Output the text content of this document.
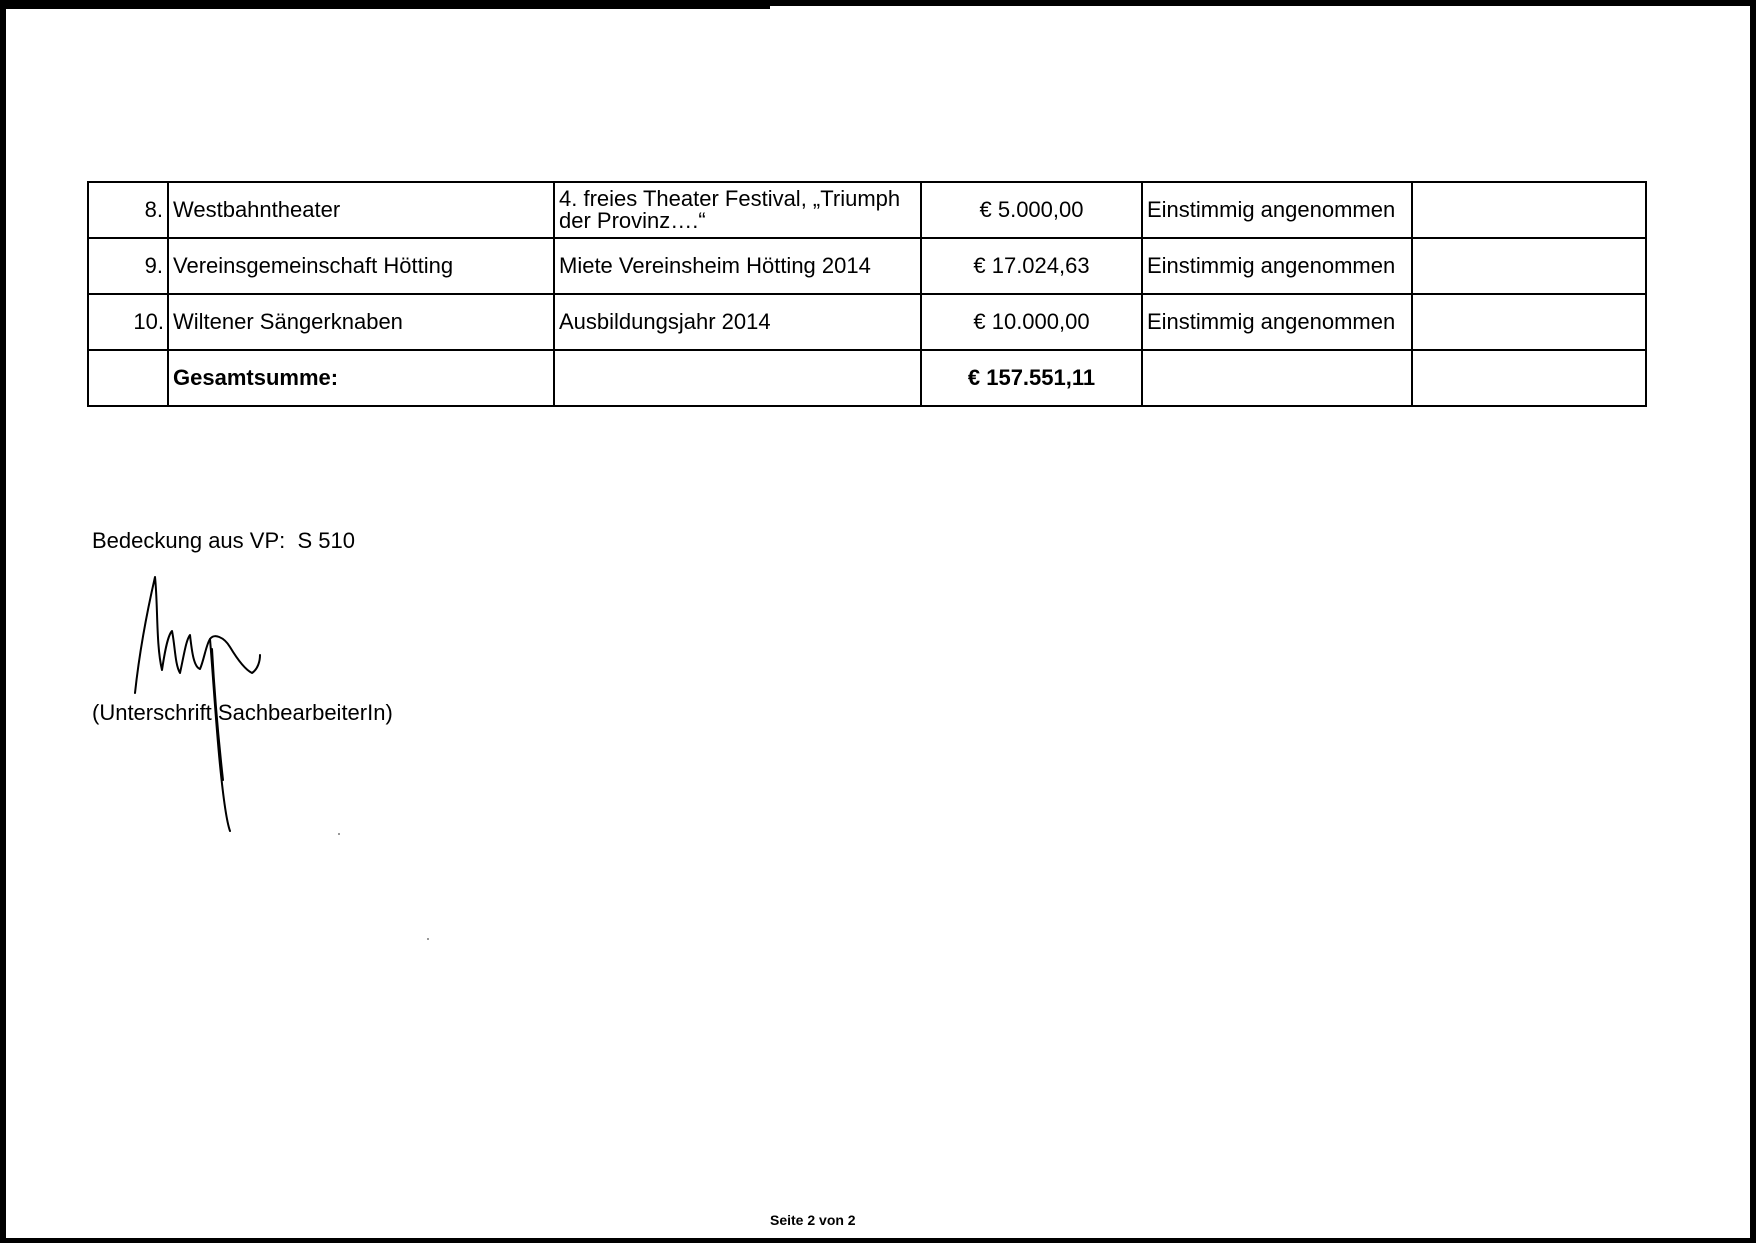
8.	Westbahntheater	4. freies Theater Festival, „Triumph der Provinz….“	€ 5.000,00	Einstimmig angenommen	
9.	Vereinsgemeinschaft Hötting	Miete Vereinsheim Hötting 2014	€ 17.024,63	Einstimmig angenommen	
10.	Wiltener Sängerknaben	Ausbildungsjahr 2014	€ 10.000,00	Einstimmig angenommen	
	Gesamtsumme:		€ 157.551,11		
Bedeckung aus VP:  S 510
(Unterschrift SachbearbeiterIn)
Seite 2 von 2
